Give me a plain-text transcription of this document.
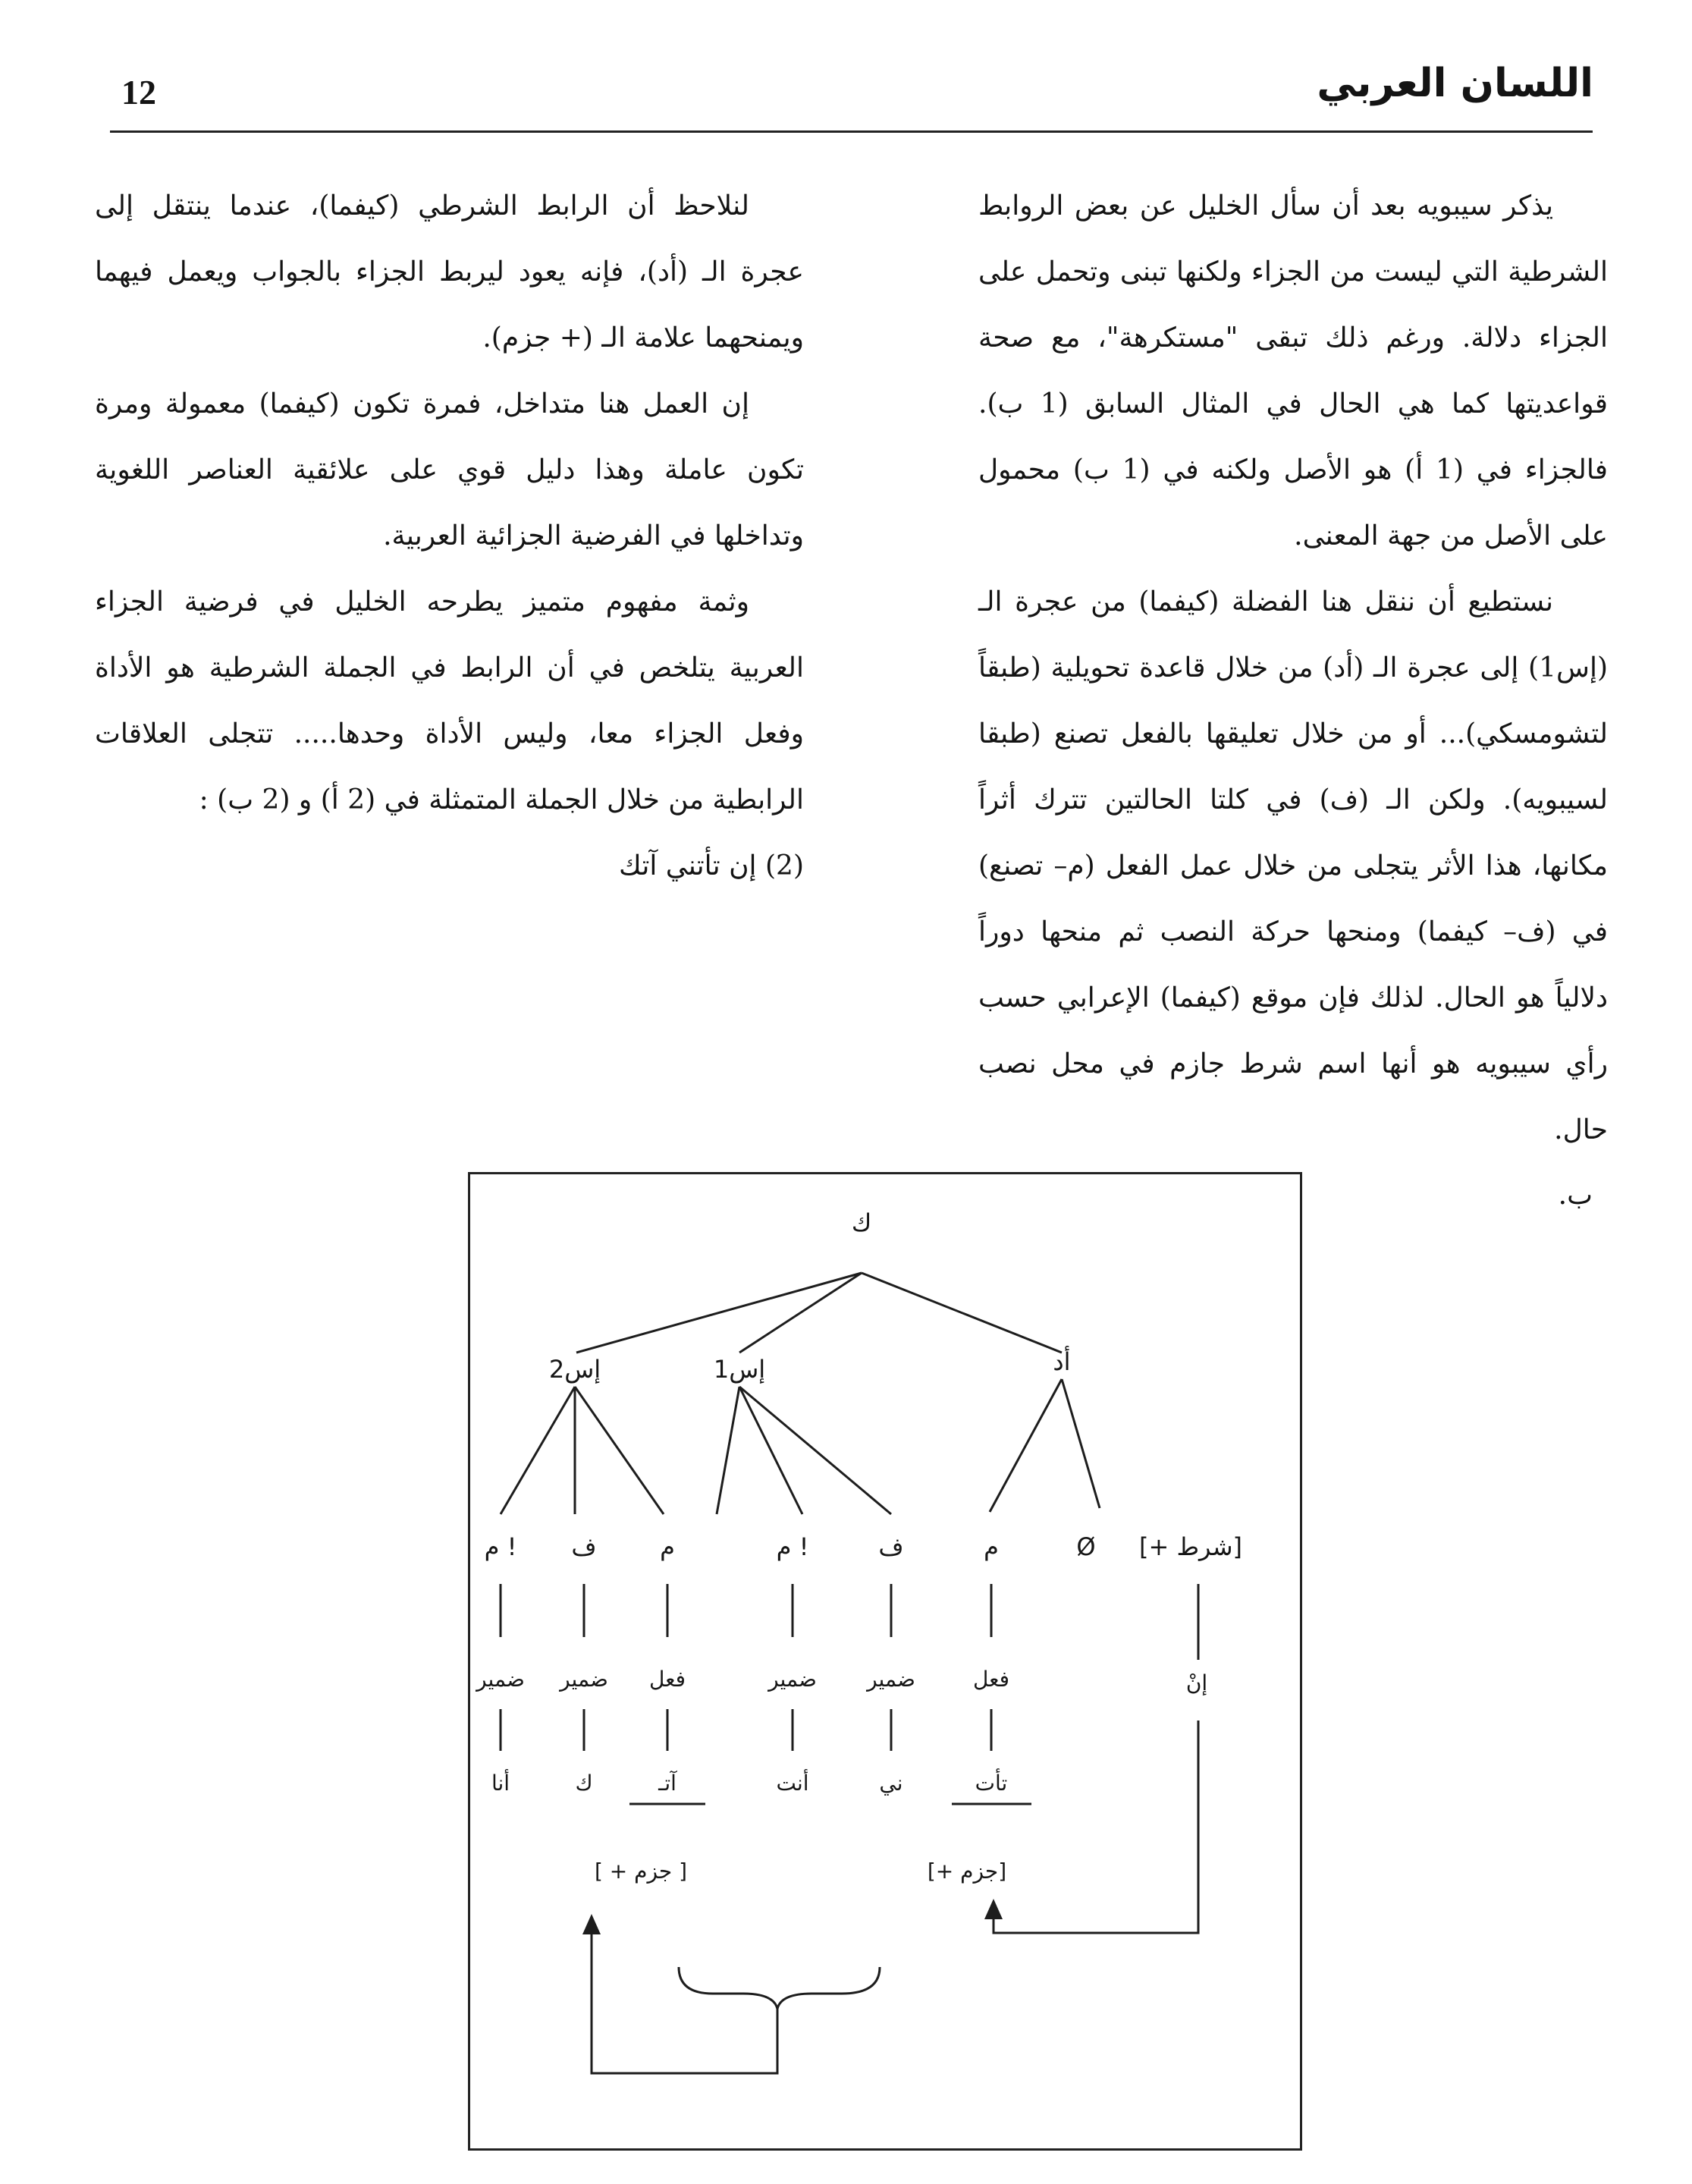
12	اللسان العربي

يذكر سيبويه بعد أن سأل الخليل عن بعض الروابط الشرطية التي ليست من الجزاء ولكنها تبنى وتحمل على الجزاء دلالة. ورغم ذلك تبقى "مستكرهة"، مع صحة قواعديتها كما هي الحال في المثال السابق (1 ب). فالجزاء في (1 أ) هو الأصل ولكنه في (1 ب) محمول على الأصل من جهة المعنى.

نستطيع أن ننقل هنا الفضلة (كيفما) من عجرة الـ (إس1) إلى عجرة الـ (أد) من خلال قاعدة تحويلية (طبقاً لتشومسكي)... أو من خلال تعليقها بالفعل تصنع (طبقا لسيبويه). ولكن الـ (ف) في كلتا الحالتين تترك أثراً مكانها، هذا الأثر يتجلى من خلال عمل الفعل (م– تصنع) في (ف– كيفما) ومنحها حركة النصب ثم منحها دوراً دلالياً هو الحال. لذلك فإن موقع (كيفما) الإعرابي حسب رأي سيبويه هو أنها اسم شرط جازم في محل نصب حال.

لنلاحظ أن الرابط الشرطي (كيفما)، عندما ينتقل إلى عجرة الـ (أد)، فإنه يعود ليربط الجزاء بالجواب ويعمل فيهما ويمنحهما علامة الـ (+ جزم).

إن العمل هنا متداخل، فمرة تكون (كيفما) معمولة ومرة تكون عاملة وهذا دليل قوي على علائقية العناصر اللغوية وتداخلها في الفرضية الجزائية العربية.

وثمة مفهوم متميز يطرحه الخليل في فرضية الجزاء العربية يتلخص في أن الرابط في الجملة الشرطية هو الأداة وفعل الجزاء معا، وليس الأداة وحدها..... تتجلى العلاقات الرابطية من خلال الجملة المتمثلة في (2 أ) و (2 ب) :

(2) إن تأتني آتك

ب.
ك
إس2	إس1	أد
م ! ف	م	م !	ف	م	Ø [+ شرط]
ضمير ضمير فعل	ضمير ضمير	فعل	إنْ
أنا	ك	آتـ	أنت	ني	تأت
[ + جزم ]	[+ جزم]
